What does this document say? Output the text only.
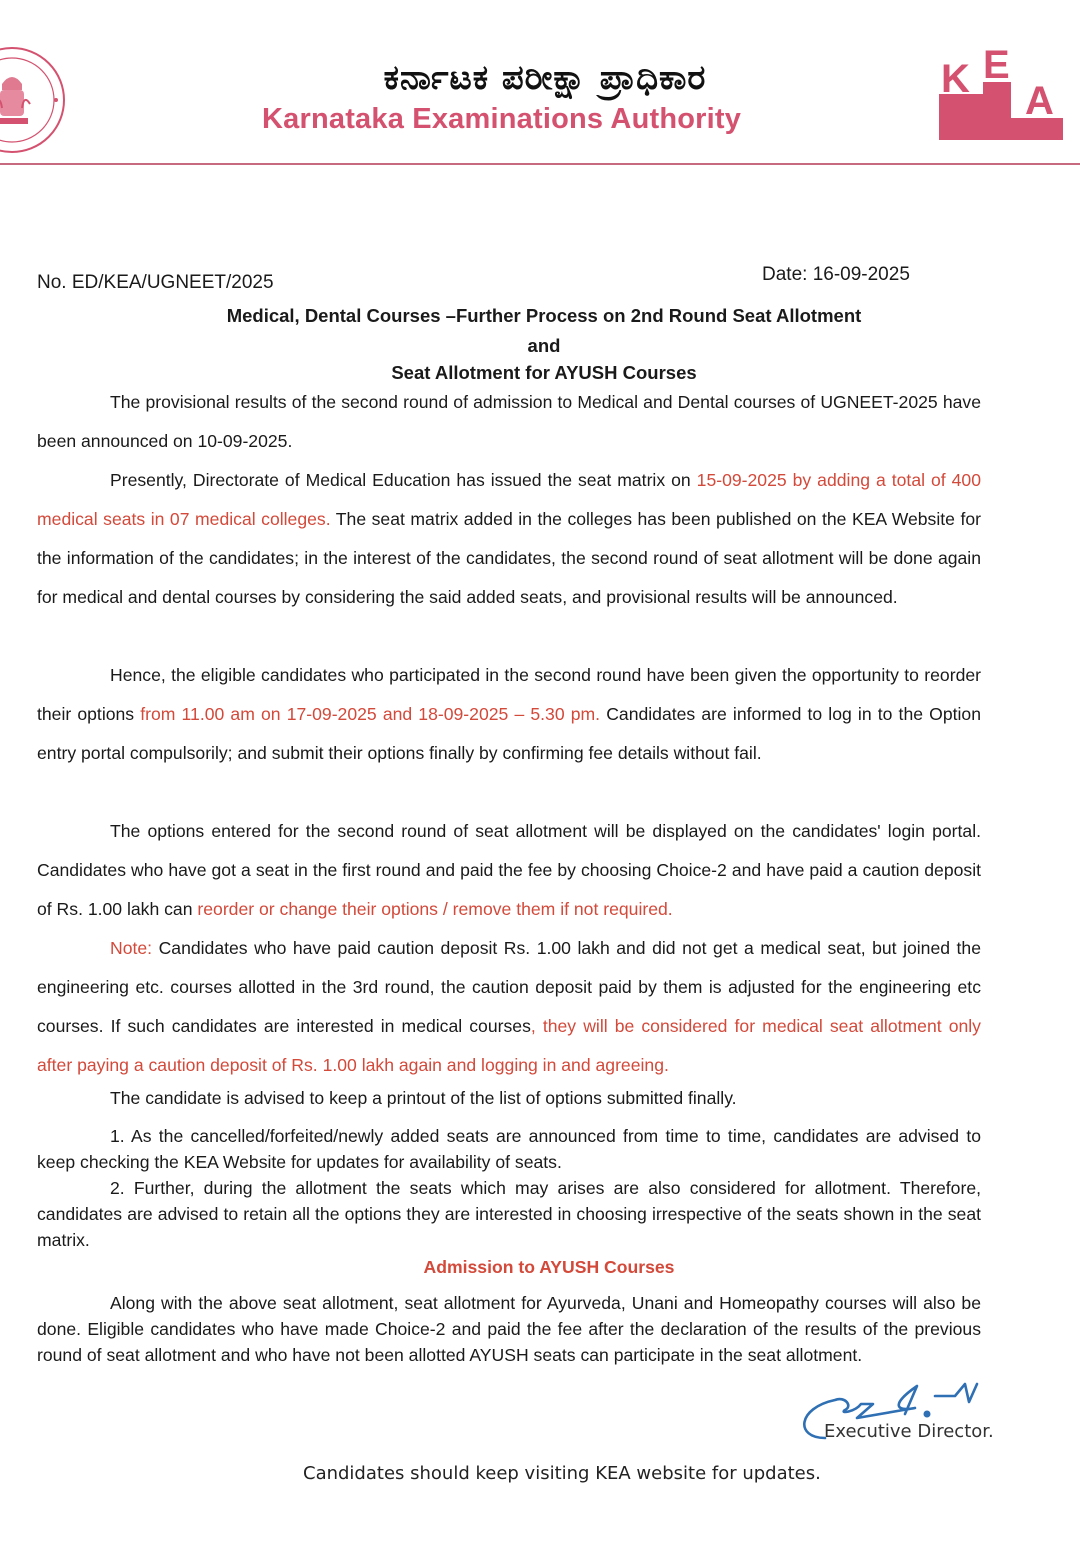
ಕರ್ನಾಟಕ ಪರೀಕ್ಷಾ ಪ್ರಾಧಿಕಾರ
Karnataka Examinations Authority
K E
A
No. ED/KEA/UGNEET/2025	Date: 16-09-2025
Medical, Dental Courses –Further Process on 2nd Round Seat Allotment
and
Seat Allotment for AYUSH Courses
The provisional results of the second round of admission to Medical and Dental courses of UGNEET-2025 have been announced on 10-09-2025.
Presently, Directorate of Medical Education has issued the seat matrix on 15-09-2025 by adding a total of 400 medical seats in 07 medical colleges. The seat matrix added in the colleges has been published on the KEA Website for the information of the candidates; in the interest of the candidates, the second round of seat allotment will be done again for medical and dental courses by considering the said added seats, and provisional results will be announced.
Hence, the eligible candidates who participated in the second round have been given the opportunity to reorder their options from 11.00 am on 17-09-2025 and 18-09-2025 – 5.30 pm. Candidates are informed to log in to the Option entry portal compulsorily; and submit their options finally by confirming fee details without fail.
The options entered for the second round of seat allotment will be displayed on the candidates' login portal. Candidates who have got a seat in the first round and paid the fee by choosing Choice-2 and have paid a caution deposit of Rs. 1.00 lakh can reorder or change their options / remove them if not required.
Note: Candidates who have paid caution deposit Rs. 1.00 lakh and did not get a medical seat, but joined the engineering etc. courses allotted in the 3rd round, the caution deposit paid by them is adjusted for the engineering etc courses. If such candidates are interested in medical courses, they will be considered for medical seat allotment only after paying a caution deposit of Rs. 1.00 lakh again and logging in and agreeing.
The candidate is advised to keep a printout of the list of options submitted finally.
1. As the cancelled/forfeited/newly added seats are announced from time to time, candidates are advised to keep checking the KEA Website for updates for availability of seats.
2. Further, during the allotment the seats which may arises are also considered for allotment. Therefore, candidates are advised to retain all the options they are interested in choosing irrespective of the seats shown in the seat matrix.
Admission to AYUSH Courses
Along with the above seat allotment, seat allotment for Ayurveda, Unani and Homeopathy courses will also be done. Eligible candidates who have made Choice-2 and paid the fee after the declaration of the results of the previous round of seat allotment and who have not been allotted AYUSH seats can participate in the seat allotment.
Executive Director.
Candidates should keep visiting KEA website for updates.
